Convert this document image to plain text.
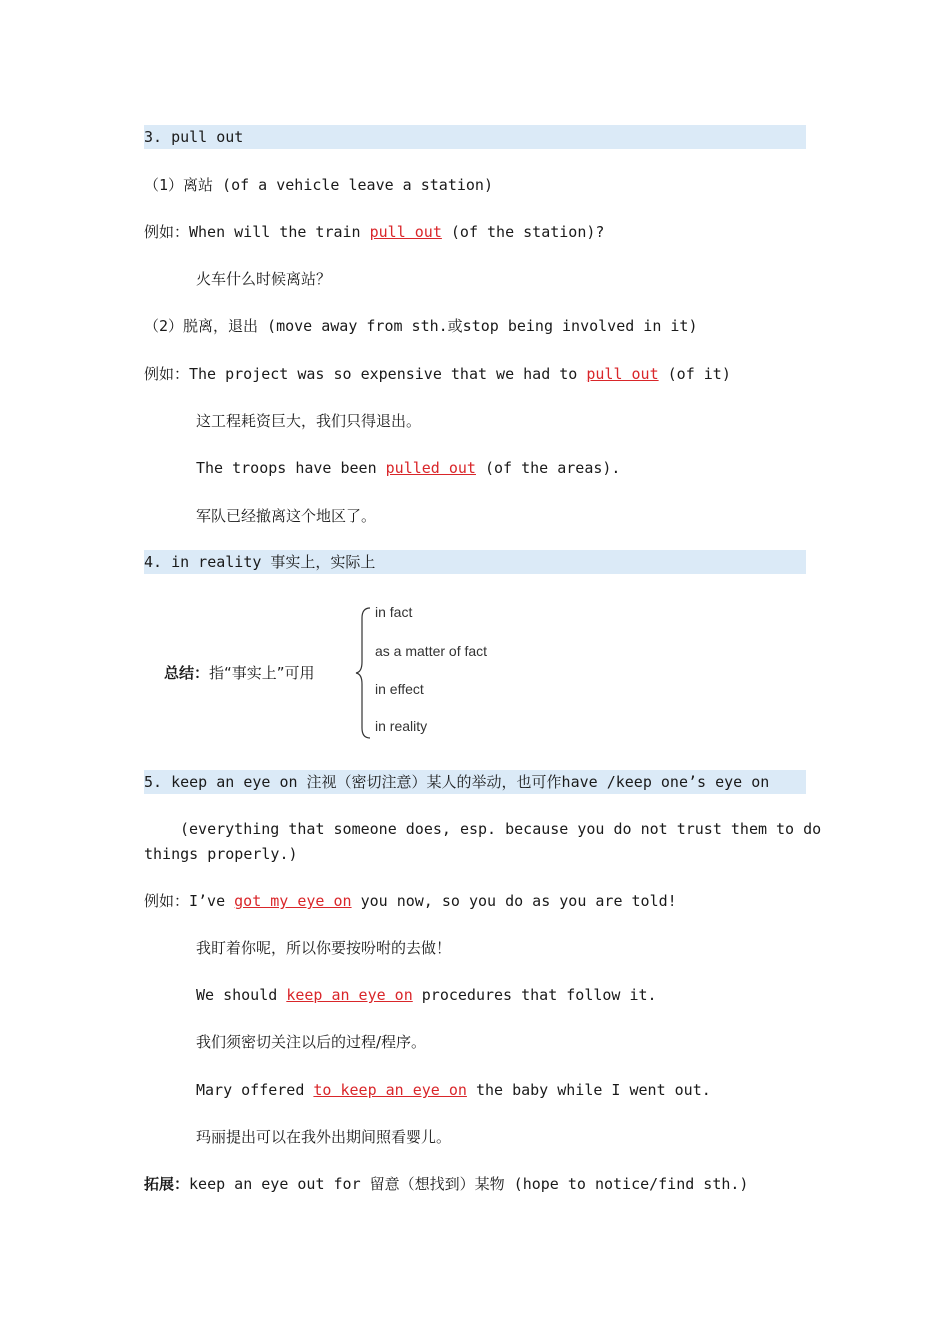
3. pull out
（1）离站 (of a vehicle leave a station)
例如：When will the train pull out (of the station)?
火车什么时候离站？
（2）脱离，退出 (move away from sth.或stop being involved in it)
例如：The project was so expensive that we had to pull out (of it)
这工程耗资巨大，我们只得退出。
The troops have been pulled out (of the areas).
军队已经撤离这个地区了。
4. in reality 事实上，实际上
总结：指“事实上”可用
in fact
as a matter of fact
in effect
in reality
5. keep an eye on 注视（密切注意）某人的举动，也可作have /keep one’s eye on
(everything that someone does, esp. because you do not trust them to do
things properly.)
例如：I’ve got my eye on you now, so you do as you are told!
我盯着你呢，所以你要按吩咐的去做！
We should keep an eye on procedures that follow it.
我们须密切关注以后的过程/程序。
Mary offered to keep an eye on the baby while I went out.
玛丽提出可以在我外出期间照看婴儿。
拓展：keep an eye out for 留意（想找到）某物 (hope to notice/find sth.)
